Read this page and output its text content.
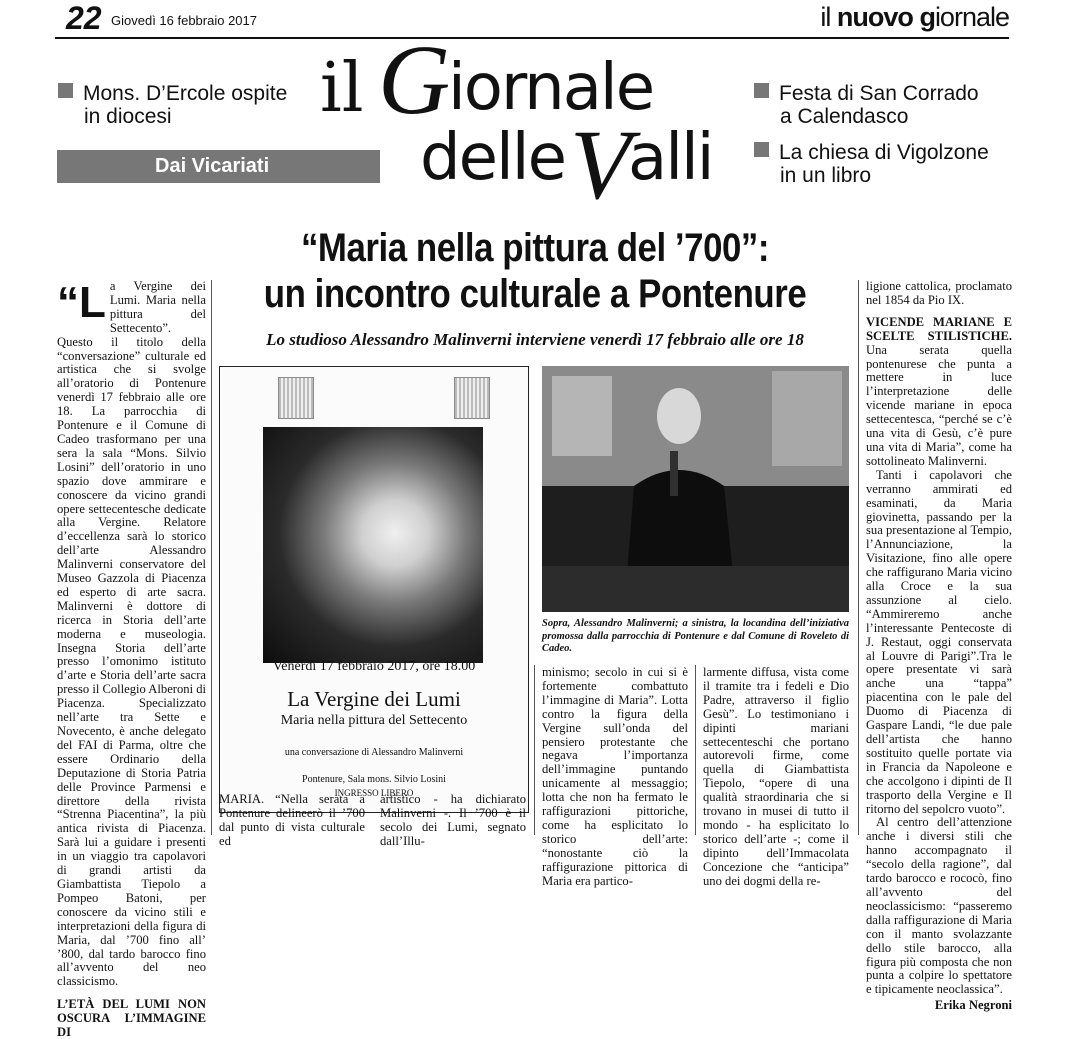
22 Giovedì 16 febbraio 2017	il nuovo giornale
Mons. D’Ercole ospite
in diocesi
Dai Vicariati
il G
iornale
delle V
alli
Festa di San Corrado
a Calendasco
La chiesa di Vigolzone
in un libro
“Maria nella pittura del ’700”:
un incontro culturale a Pontenure
Lo studioso Alessandro Malinverni interviene venerdì 17 febbraio alle ore 18
“L a Vergine dei Lumi. Maria nella pittura del Settecento”. Questo il titolo della “conversazione” culturale ed artistica che si svolge all’oratorio di Pontenure venerdì 17 febbraio alle ore 18. La parrocchia di Pontenure e il Comune di Cadeo trasformano per una sera la sala “Mons. Silvio Losini” dell’oratorio in uno spazio dove ammirare e conoscere da vicino grandi opere settecentesche dedicate alla Vergine. Relatore d’eccellenza sarà lo storico dell’arte Alessandro Malinverni conservatore del Museo Gazzola di Piacenza ed esperto di arte sacra. Malinverni è dottore di ricerca in Storia dell’arte moderna e museologia. Insegna Storia dell’arte presso l’omonimo istituto d’arte e Storia dell’arte sacra presso il Collegio Alberoni di Piacenza. Specializzato nell’arte tra Sette e Novecento, è anche delegato del FAI di Parma, oltre che essere Ordinario della Deputazione di Storia Patria delle Province Parmensi e direttore della rivista “Strenna Piacentina”, la più antica rivista di Piacenza. Sarà lui a guidare i presenti in un viaggio tra capolavori di grandi artisti da Giambattista Tiepolo a Pompeo Batoni, per conoscere da vicino stili e interpretazioni della figura di Maria, dal ’700 fino all’ ’800, dal tardo barocco fino all’avvento del neo classicismo.

L’ETÀ DEL LUMI NON OSCURA L’IMMAGINE DI

Venerdì 17 febbraio 2017, ore 18.00
La Vergine dei Lumi
Maria nella pittura del Settecento
una conversazione di Alessandro Malinverni
Pontenure, Sala mons. Silvio Losini
INGRESSO LIBERO
Sopra, Alessandro Malinverni; a sinistra, la locandina dell’iniziativa promossa dalla parrocchia di Pontenure e dal Comune di Roveleto di Cadeo.

MARIA. “Nella serata a Pontenure delineerò il ’700 dal punto di vista culturale ed

artistico - ha dichiarato Malinverni -. Il ’700 è il secolo dei Lumi, segnato dall’Illu-

minismo; secolo in cui si è fortemente combattuto l’immagine di Maria”. Lotta contro la figura della Vergine sull’onda del pensiero protestante che negava l’importanza dell’immagine puntando unicamente al messaggio; lotta che non ha fermato le raffigurazioni pittoriche, come ha esplicitato lo storico dell’arte: “nonostante ciò la raffigurazione pittorica di Maria era partico-

larmente diffusa, vista come il tramite tra i fedeli e Dio Padre, attraverso il figlio Gesù”. Lo testimoniano i dipinti mariani settecenteschi che portano autorevoli firme, come quella di Giambattista Tiepolo, “opere di una qualità straordinaria che si trovano in musei di tutto il mondo - ha esplicitato lo storico dell’arte -; come il dipinto dell’Immacolata Concezione che “anticipa” uno dei dogmi della re-

ligione cattolica, proclamato nel 1854 da Pio IX.

VICENDE MARIANE E SCELTE STILISTICHE. Una serata quella pontenurese che punta a mettere in luce l’interpretazione delle vicende mariane in epoca settecentesca, “perché se c’è una vita di Gesù, c’è pure una vita di Maria”, come ha sottolineato Malinverni.

Tanti i capolavori che verranno ammirati ed esaminati, da Maria giovinetta, passando per la sua presentazione al Tempio, l’Annunciazione, la Visitazione, fino alle opere che raffigurano Maria vicino alla Croce e la sua assunzione al cielo. “Ammireremo anche l’interessante Pentecoste di J. Restaut, oggi conservata al Louvre di Parigi”.Tra le opere presentate vi sarà anche una “tappa” piacentina con le pale del Duomo di Piacenza di Gaspare Landi, “le due pale dell’artista che hanno sostituito quelle portate via in Francia da Napoleone e che accolgono i dipinti de Il trasporto della Vergine e Il ritorno del sepolcro vuoto”.

Al centro dell’attenzione anche i diversi stili che hanno accompagnato il “secolo della ragione”, dal tardo barocco e rococò, fino all’avvento del neoclassicismo: “passeremo dalla raffigurazione di Maria con il manto svolazzante dello stile barocco, alla figura più composta che non punta a colpire lo spettatore e tipicamente neoclassica”.

Erika Negroni
